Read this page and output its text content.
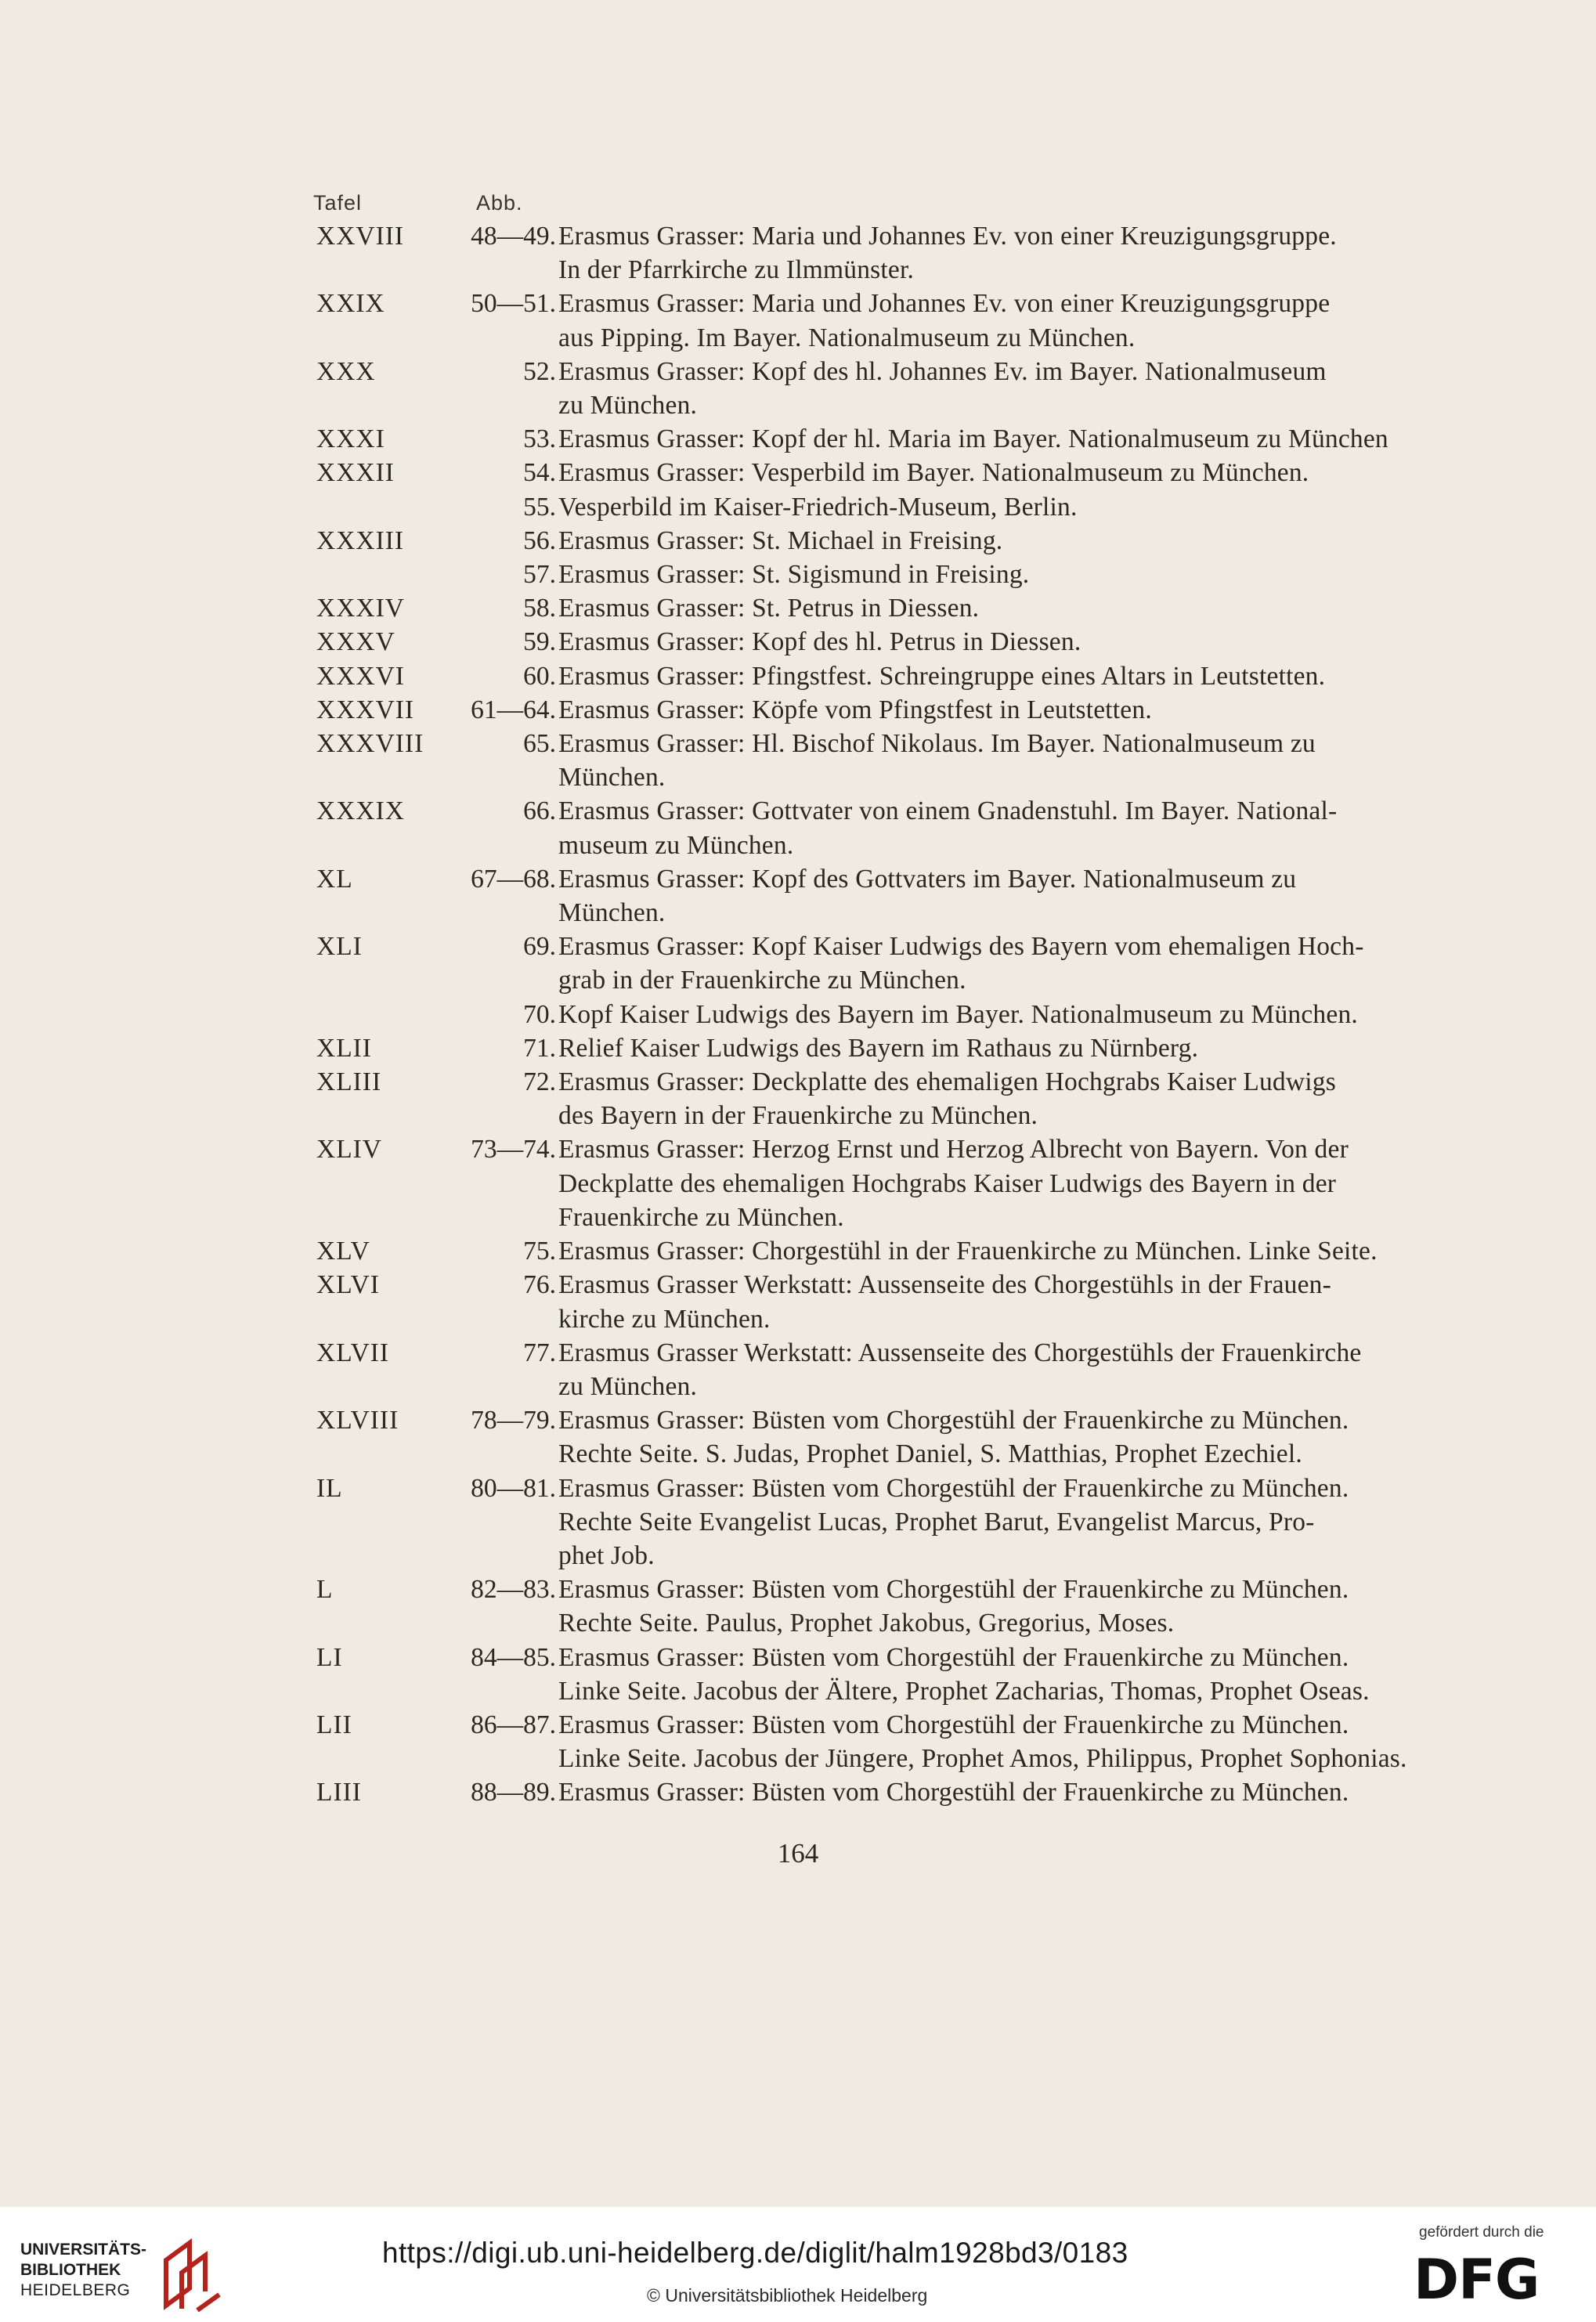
Tafel	Abb.
XXVIII	48—49. Erasmus Grasser: Maria und Johannes Ev. von einer Kreuzigungsgruppe.
In der Pfarrkirche zu Ilmmünster.
XXIX	50—51. Erasmus Grasser: Maria und Johannes Ev. von einer Kreuzigungsgruppe
aus Pipping. Im Bayer. Nationalmuseum zu München.
XXX	52. Erasmus Grasser: Kopf des hl. Johannes Ev. im Bayer. Nationalmuseum
zu München.
XXXI	53. Erasmus Grasser: Kopf der hl. Maria im Bayer. Nationalmuseum zu München
XXXII	54. Erasmus Grasser: Vesperbild im Bayer. Nationalmuseum zu München.
55. Vesperbild im Kaiser-Friedrich-Museum, Berlin.
XXXIII	56. Erasmus Grasser: St. Michael in Freising.
57. Erasmus Grasser: St. Sigismund in Freising.
XXXIV	58. Erasmus Grasser: St. Petrus in Diessen.
XXXV	59. Erasmus Grasser: Kopf des hl. Petrus in Diessen.
XXXVI	60. Erasmus Grasser: Pfingstfest. Schreingruppe eines Altars in Leutstetten.
XXXVII	61—64. Erasmus Grasser: Köpfe vom Pfingstfest in Leutstetten.
XXXVIII	65. Erasmus Grasser: Hl. Bischof Nikolaus. Im Bayer. Nationalmuseum zu
München.
XXXIX	66. Erasmus Grasser: Gottvater von einem Gnadenstuhl. Im Bayer. National-
museum zu München.
XL	67—68. Erasmus Grasser: Kopf des Gottvaters im Bayer. Nationalmuseum zu
München.
XLI	69. Erasmus Grasser: Kopf Kaiser Ludwigs des Bayern vom ehemaligen Hoch-
grab in der Frauenkirche zu München.
70. Kopf Kaiser Ludwigs des Bayern im Bayer. Nationalmuseum zu München.
XLII	71. Relief Kaiser Ludwigs des Bayern im Rathaus zu Nürnberg.
XLIII	72. Erasmus Grasser: Deckplatte des ehemaligen Hochgrabs Kaiser Ludwigs
des Bayern in der Frauenkirche zu München.
XLIV	73—74. Erasmus Grasser: Herzog Ernst und Herzog Albrecht von Bayern. Von der
Deckplatte des ehemaligen Hochgrabs Kaiser Ludwigs des Bayern in der
Frauenkirche zu München.
XLV	75. Erasmus Grasser: Chorgestühl in der Frauenkirche zu München. Linke Seite.
XLVI	76. Erasmus Grasser Werkstatt: Aussenseite des Chorgestühls in der Frauen-
kirche zu München.
XLVII	77. Erasmus Grasser Werkstatt: Aussenseite des Chorgestühls der Frauenkirche
zu München.
XLVIII	78—79. Erasmus Grasser: Büsten vom Chorgestühl der Frauenkirche zu München.
Rechte Seite. S. Judas, Prophet Daniel, S. Matthias, Prophet Ezechiel.
IL	80—81. Erasmus Grasser: Büsten vom Chorgestühl der Frauenkirche zu München.
Rechte Seite Evangelist Lucas, Prophet Barut, Evangelist Marcus, Pro-
phet Job.
L	82—83. Erasmus Grasser: Büsten vom Chorgestühl der Frauenkirche zu München.
Rechte Seite. Paulus, Prophet Jakobus, Gregorius, Moses.
LI	84—85. Erasmus Grasser: Büsten vom Chorgestühl der Frauenkirche zu München.
Linke Seite. Jacobus der Ältere, Prophet Zacharias, Thomas, Prophet Oseas.
LII	86—87. Erasmus Grasser: Büsten vom Chorgestühl der Frauenkirche zu München.
Linke Seite. Jacobus der Jüngere, Prophet Amos, Philippus, Prophet Sophonias.
LIII	88—89. Erasmus Grasser: Büsten vom Chorgestühl der Frauenkirche zu München.
164
UNIVERSITÄTS-
BIBLIOTHEK
HEIDELBERG
https://digi.ub.uni-heidelberg.de/diglit/halm1928bd3/0183
© Universitätsbibliothek Heidelberg
gefördert durch die
DFG
